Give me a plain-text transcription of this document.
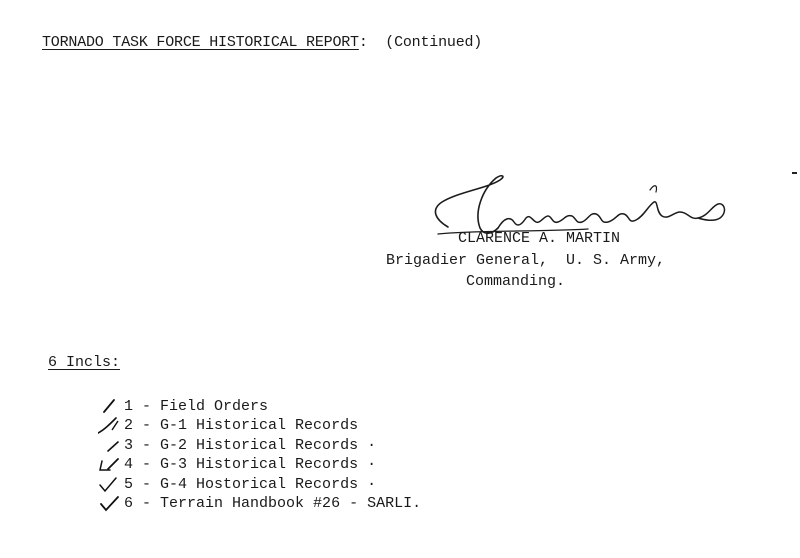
TORNADO TASK FORCE HISTORICAL REPORT: (Continued)
CLARENCE A. MARTIN
Brigadier General,  U. S. Army,
Commanding.
6 Incls:

1 - Field Orders

2 - G-1 Historical Records

3 - G-2 Historical Records ·

4 - G-3 Historical Records ·

5 - G-4 Hostorical Records ·

6 - Terrain Handbook #26 - SARLI.
